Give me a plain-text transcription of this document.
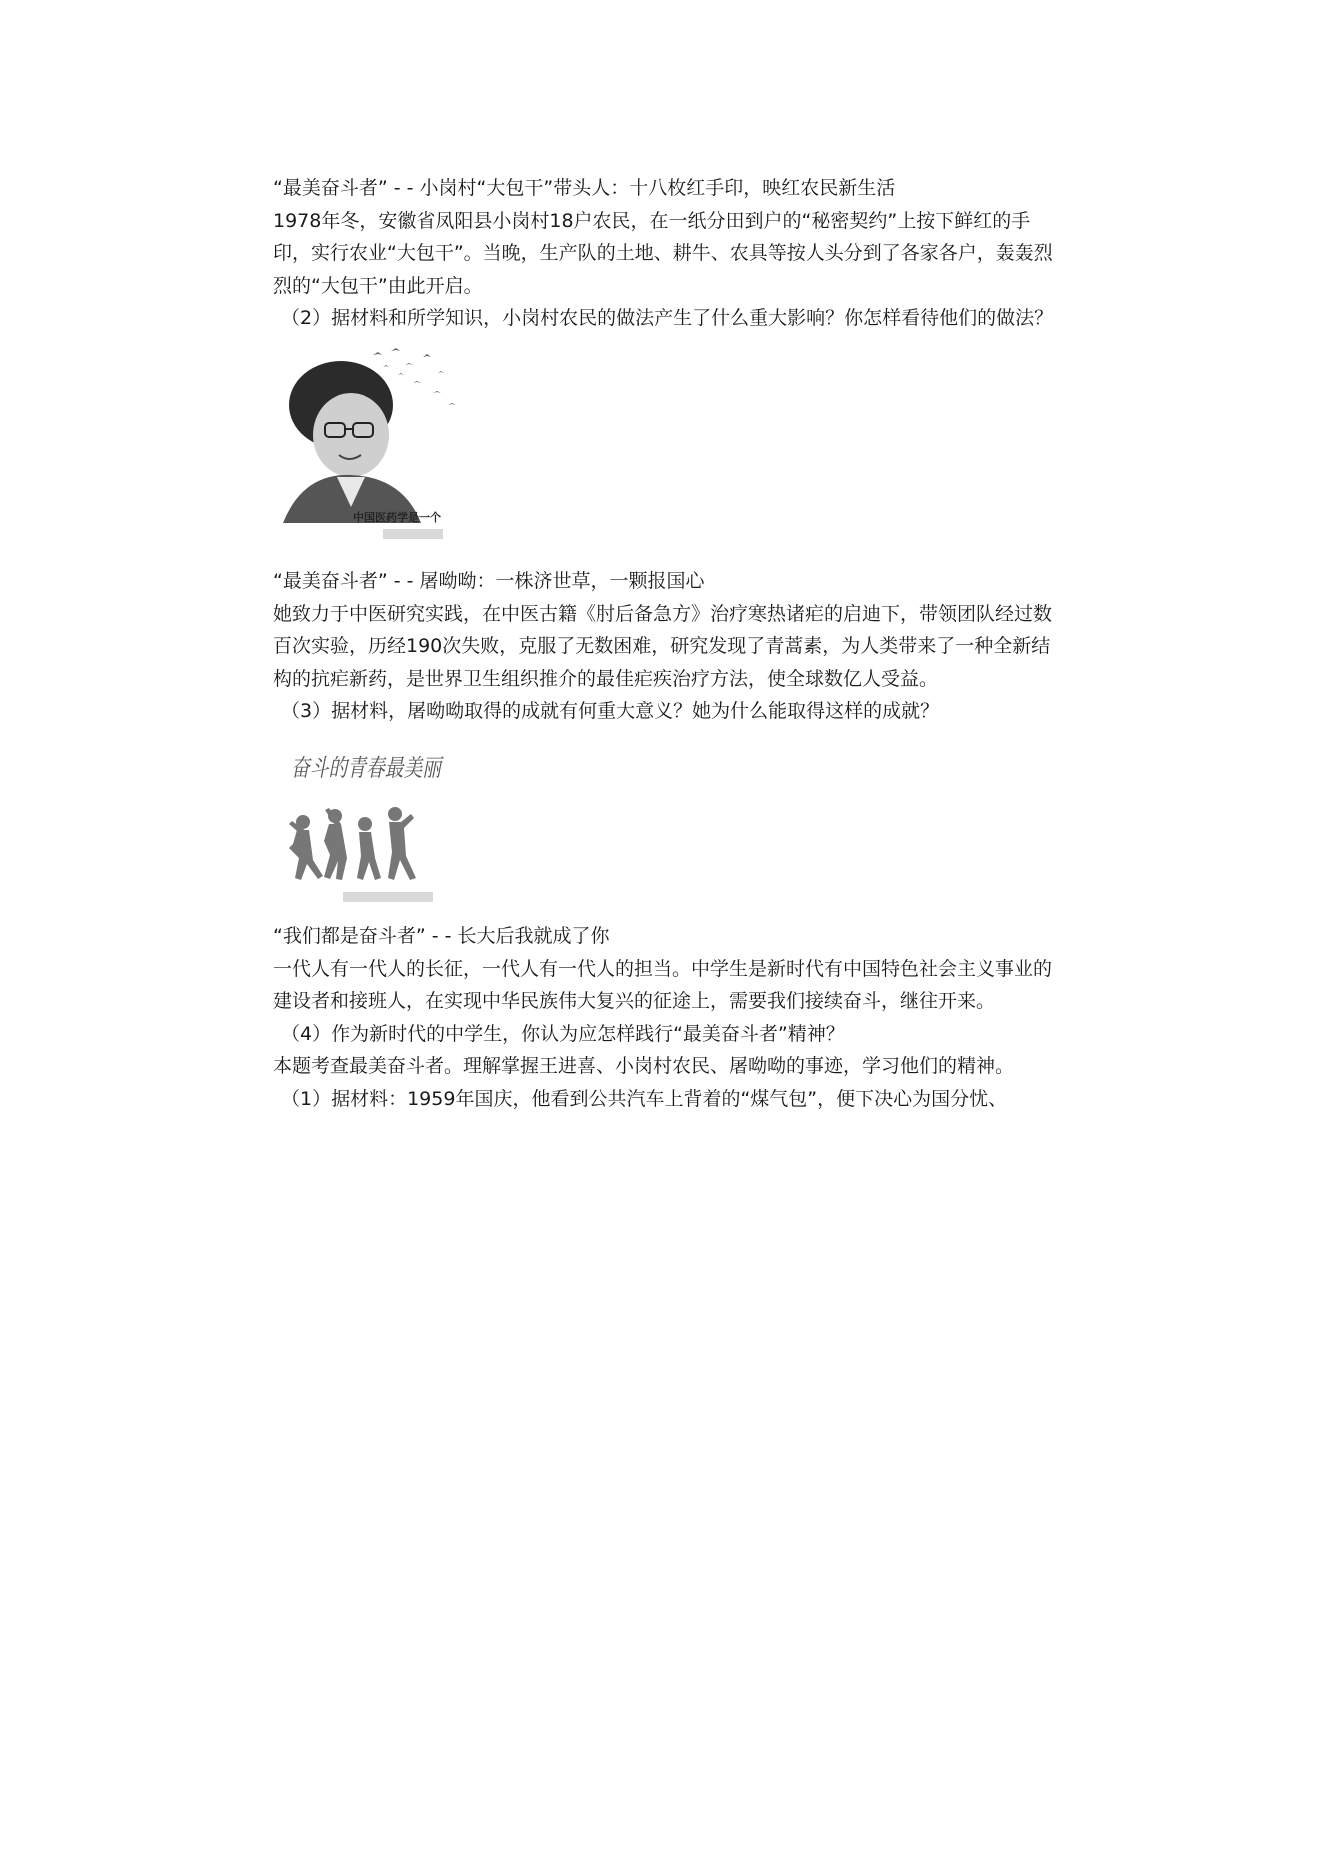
“最美奋斗者” - - 小岗村“大包干”带头人：十八枚红手印，映红农民新生活

1978年冬，安徽省凤阳县小岗村18户农民，在一纸分田到户的“秘密契约”上按下鲜红的手印，实行农业“大包干”。当晚，生产队的土地、耕牛、农具等按人头分到了各家各户，轰轰烈烈的“大包干”由此开启。

（2）据材料和所学知识，小岗村农民的做法产生了什么重大影响？你怎样看待他们的做法？

中国医药学是一个

“最美奋斗者” - - 屠呦呦：一株济世草，一颗报国心

她致力于中医研究实践，在中医古籍《肘后备急方》治疗寒热诸疟的启迪下，带领团队经过数百次实验，历经190次失败，克服了无数困难，研究发现了青蒿素，为人类带来了一种全新结构的抗疟新药，是世界卫生组织推介的最佳疟疾治疗方法，使全球数亿人受益。

（3）据材料，屠呦呦取得的成就有何重大意义？她为什么能取得这样的成就？

奋斗的青春最美丽

“我们都是奋斗者” - - 长大后我就成了你

一代人有一代人的长征，一代人有一代人的担当。中学生是新时代有中国特色社会主义事业的建设者和接班人，在实现中华民族伟大复兴的征途上，需要我们接续奋斗，继往开来。

（4）作为新时代的中学生，你认为应怎样践行“最美奋斗者”精神？

本题考查最美奋斗者。理解掌握王进喜、小岗村农民、屠呦呦的事迹，学习他们的精神。

（1）据材料：1959年国庆，他看到公共汽车上背着的“煤气包”，便下决心为国分忧、
